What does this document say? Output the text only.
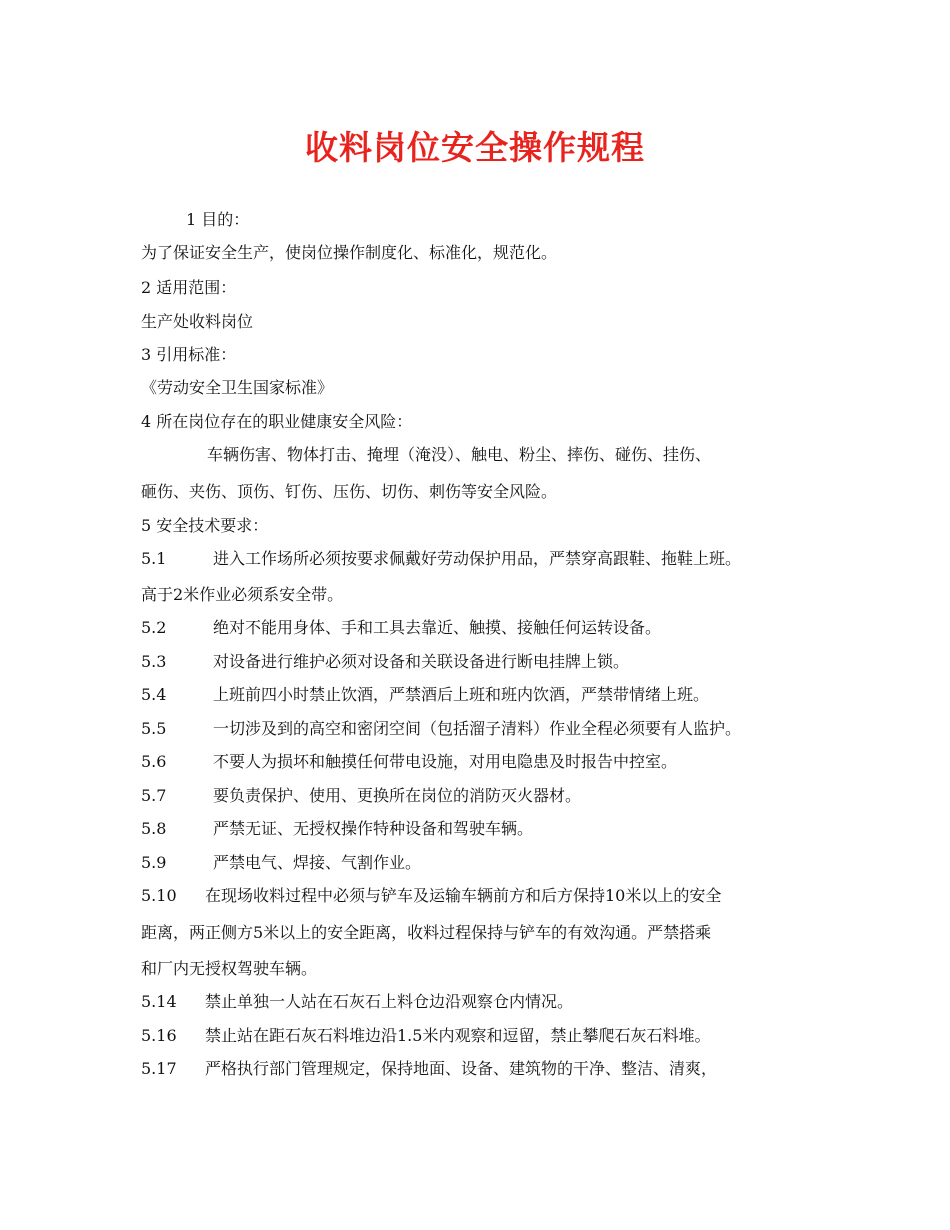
收料岗位安全操作规程
1 目的：
为了保证安全生产，使岗位操作制度化、标准化，规范化。
2 适用范围：
生产处收料岗位
3 引用标准：
《劳动安全卫生国家标准》
4 所在岗位存在的职业健康安全风险：
车辆伤害、物体打击、掩埋（淹没）、触电、粉尘、摔伤、碰伤、挂伤、
砸伤、夹伤、顶伤、钉伤、压伤、切伤、刺伤等安全风险。
5 安全技术要求：
5.1	进入工作场所必须按要求佩戴好劳动保护用品，严禁穿高跟鞋、拖鞋上班。
高于2米作业必须系安全带。
5.2	绝对不能用身体、手和工具去靠近、触摸、接触任何运转设备。
5.3	对设备进行维护必须对设备和关联设备进行断电挂牌上锁。
5.4	上班前四小时禁止饮酒，严禁酒后上班和班内饮酒，严禁带情绪上班。
5.5	一切涉及到的高空和密闭空间（包括溜子清料）作业全程必须要有人监护。
5.6	不要人为损坏和触摸任何带电设施，对用电隐患及时报告中控室。
5.7	要负责保护、使用、更换所在岗位的消防灭火器材。
5.8	严禁无证、无授权操作特种设备和驾驶车辆。
5.9	严禁电气、焊接、气割作业。
5.10 在现场收料过程中必须与铲车及运输车辆前方和后方保持10米以上的安全
距离，两正侧方5米以上的安全距离，收料过程保持与铲车的有效沟通。严禁搭乘
和厂内无授权驾驶车辆。
5.14 禁止单独一人站在石灰石上料仓边沿观察仓内情况。
5.16 禁止站在距石灰石料堆边沿1.5米内观察和逗留，禁止攀爬石灰石料堆。
5.17 严格执行部门管理规定，保持地面、设备、建筑物的干净、整洁、清爽，
